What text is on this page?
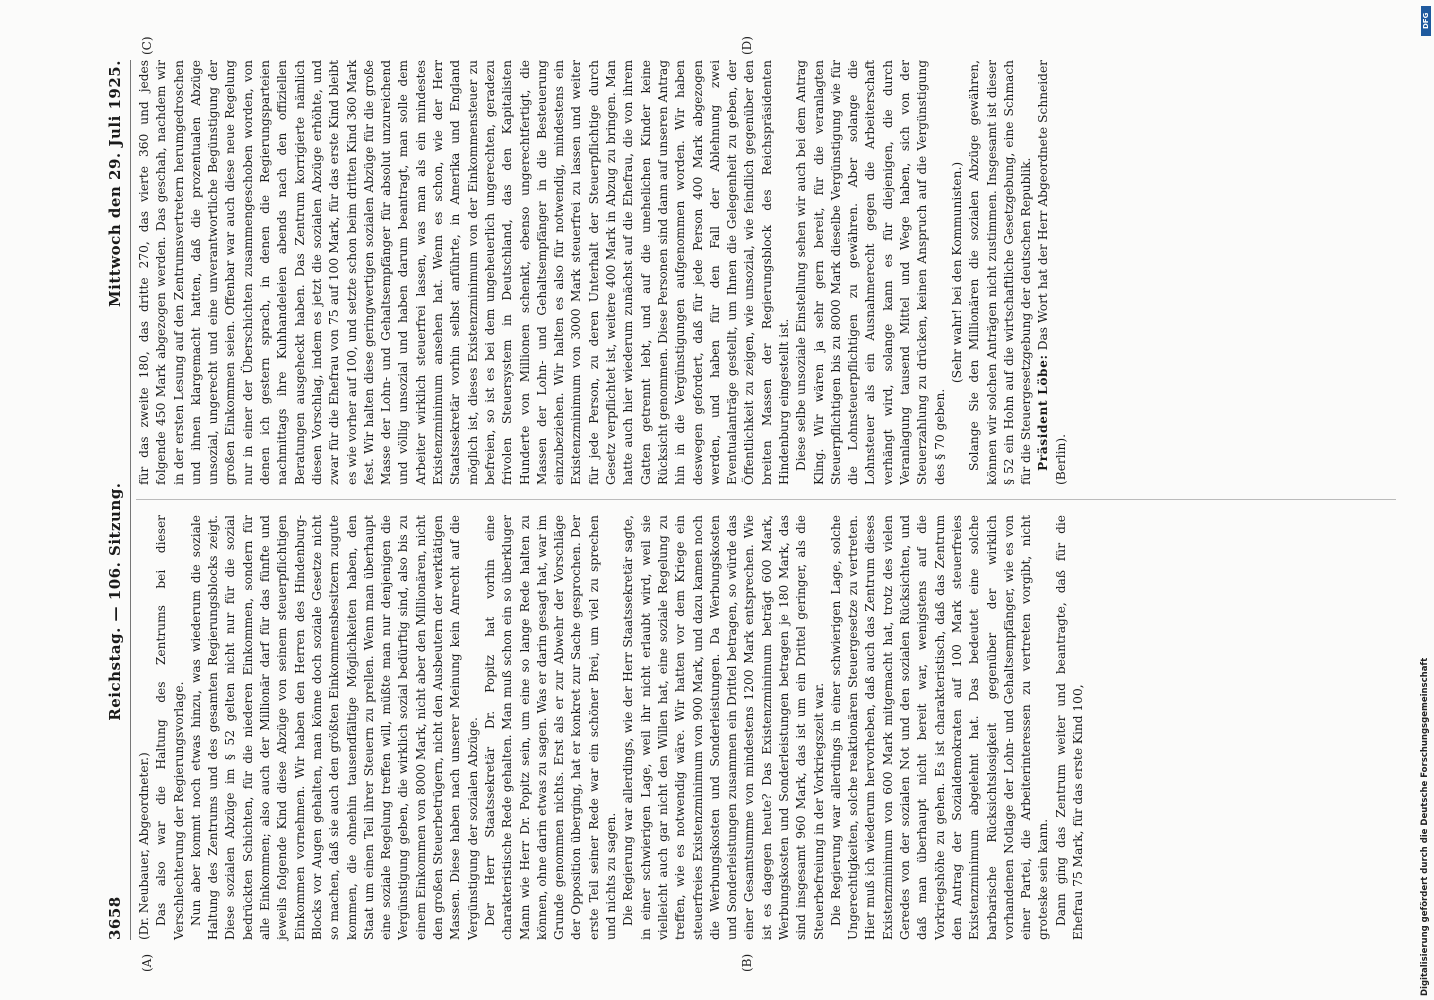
3658
Reichstag. — 106. Sitzung.
Mittwoch den 29. Juli 1925.

(Dr. Neubauer, Abgeordneter.) Das also war die Haltung des Zentrums bei dieser Verschlechterung der Regierungsvorlage. Nun aber kommt noch etwas hinzu, was wiederum die soziale Haltung des Zentrums und des gesamten Regierungsblocks zeigt. Diese sozialen Abzüge im § 52 gelten nicht nur für die sozial bedrückten Schichten, für die niederen Einkommen, sondern für alle Einkommen; also auch der Millionär darf für das fünfte und jeweils folgende Kind diese Abzüge von seinem steuerpflichtigen Einkommen vornehmen. Wir haben den Herren des Hindenburg-Blocks vor Augen gehalten, man könne doch soziale Gesetze nicht so machen, daß sie auch den größten Einkommensbesitzern zugute kommen, die ohnehin tausendfältige Möglichkeiten haben, den Staat um einen Teil ihrer Steuern zu prellen. Wenn man überhaupt eine soziale Regelung treffen will, müßte man nur denjenigen die Vergünstigung geben, die wirklich sozial bedürftig sind, also bis zu einem Einkommen von 8000 Mark, nicht aber den Millionären, nicht den großen Steuerbetrügern, nicht den Ausbeutern der werktätigen Massen. Diese haben nach unserer Meinung kein Anrecht auf die Vergünstigung der sozialen Abzüge. Der Herr Staatssekretär Dr. Popitz hat vorhin eine charakteristische Rede gehalten. Man muß schon ein so überkluger Mann wie Herr Dr. Popitz sein, um eine so lange Rede halten zu können, ohne darin etwas zu sagen. Was er darin gesagt hat, war im Grunde genommen nichts. Erst als er zur Abwehr der Vorschläge der Opposition überging, hat er konkret zur Sache gesprochen. Der erste Teil seiner Rede war ein schöner Brei, um viel zu sprechen und nichts zu sagen. Die Regierung war allerdings, wie der Herr Staatssekretär sagte, in einer schwierigen Lage, weil ihr nicht erlaubt wird, weil sie vielleicht auch gar nicht den Willen hat, eine soziale Regelung zu treffen, wie es notwendig wäre. Wir hatten vor dem Kriege ein steuerfreies Existenzminimum von 900 Mark, und dazu kamen noch die Werbungskosten und Sonderleistungen. Da Werbungskosten und Sonderleistungen zusammen ein Drittel betragen, so würde das einer Gesamtsumme von mindestens 1200 Mark entsprechen. Wie ist es dagegen heute? Das Existenzminimum beträgt 600 Mark, Werbungskosten und Sonderleistungen betragen je 180 Mark, das sind insgesamt 960 Mark, das ist um ein Drittel geringer, als die Steuerbefreiung in der Vorkriegszeit war. Die Regierung war allerdings in einer schwierigen Lage, solche Ungerechtigkeiten, solche reaktionären Steuergesetze zu vertreten. Hier muß ich wiederum hervorheben, daß auch das Zentrum dieses Existenzminimum von 600 Mark mitgemacht hat, trotz des vielen Geredes von der sozialen Not und den sozialen Rücksichten, und daß man überhaupt nicht bereit war, wenigstens auf die Vorkriegshöhe zu gehen. Es ist charakteristisch, daß das Zentrum den Antrag der Sozialdemokraten auf 100 Mark steuerfreies Existenzminimum abgelehnt hat. Das bedeutet eine solche barbarische Rücksichtslosigkeit gegenüber der wirklich vorhandenen Notlage der Lohn- und Gehaltsempfänger, wie es von einer Partei, die Arbeiterinteressen zu vertreten vorgibt, nicht groteske sein kann. Dann ging das Zentrum weiter und beantragte, daß für die Ehefrau 75 Mark, für das erste Kind 100,

für das zweite 180, das dritte 270, das vierte 360 und jedes folgende 450 Mark abgezogen werden. Das geschah, nachdem wir in der ersten Lesung auf den Zentrumsvertretern herumgedroschen und ihnen klargemacht hatten, daß die prozentualen Abzüge unsozial, ungerecht und eine unverantwortliche Begünstigung der großen Einkommen seien. Offenbar war auch diese neue Regelung nur in einer der Überschichten zusammengeschoben worden, von denen ich gestern sprach, in denen die Regierungsparteien nachmittags ihre Kuhhandeleien abends nach den offiziellen Beratungen ausgeheckt haben. Das Zentrum korrigierte nämlich diesen Vorschlag, indem es jetzt die sozialen Abzüge erhöhte, und zwar für die Ehefrau von 75 auf 100 Mark, für das erste Kind bleibt es wie vorher auf 100, und setzte schon beim dritten Kind 360 Mark fest. Wir halten diese geringwertigen sozialen Abzüge für die große Masse der Lohn- und Gehaltsempfänger für absolut unzureichend und völlig unsozial und haben darum beantragt, man solle dem Arbeiter wirklich steuerfrei lassen, was man als ein mindestes Existenzminimum ansehen hat. Wenn es schon, wie der Herr Staatssekretär vorhin selbst anführte, in Amerika und England möglich ist, dieses Existenzminimum von der Einkommensteuer zu befreien, so ist es bei dem ungeheuerlich ungerechten, geradezu frivolen Steuersystem in Deutschland, das den Kapitalisten Hunderte von Millionen schenkt, ebenso ungerechtfertigt, die Massen der Lohn- und Gehaltsempfänger in die Besteuerung einzubeziehen. Wir halten es also für notwendig, mindestens ein Existenzminimum von 3000 Mark steuerfrei zu lassen und weiter für jede Person, zu deren Unterhalt der Steuerpflichtige durch Gesetz verpflichtet ist, weitere 400 Mark in Abzug zu bringen. Man hatte auch hier wiederum zunächst auf die Ehefrau, die von ihrem Gatten getrennt lebt, und auf die unehelichen Kinder keine Rücksicht genommen. Diese Personen sind dann auf unseren Antrag hin in die Vergünstigungen aufgenommen worden. Wir haben deswegen gefordert, daß für jede Person 400 Mark abgezogen werden, und haben für den Fall der Ablehnung zwei Eventualanträge gestellt, um Ihnen die Gelegenheit zu geben, der Öffentlichkeit zu zeigen, wie unsozial, wie feindlich gegenüber den breiten Massen der Regierungsblock des Reichspräsidenten Hindenburg eingestellt ist. Diese selbe unsoziale Einstellung sehen wir auch bei dem Antrag Kling. Wir wären ja sehr gern bereit, für die veranlagten Steuerpflichtigen bis zu 8000 Mark dieselbe Vergünstigung wie für die Lohnsteuerpflichtigen zu gewähren. Aber solange die Lohnsteuer als ein Ausnahmerecht gegen die Arbeiterschaft verhängt wird, solange kann es für diejenigen, die durch Veranlagung tausend Mittel und Wege haben, sich von der Steuerzahlung zu drücken, keinen Anspruch auf die Vergünstigung des § 70 geben.

(Sehr wahr! bei den Kommunisten.) Solange Sie den Millionären die sozialen Abzüge gewähren, können wir solchen Anträgen nicht zustimmen. Insgesamt ist dieser § 52 ein Hohn auf die wirtschaftliche Gesetzgebung, eine Schmach für die Steuergesetzgebung der deutschen Republik. Präsident Löbe: Das Wort hat der Herr Abgeordnete Schneider (Berlin).

(A)	(B)
(C)	(D)
Digitalisierung gefördert durch die Deutsche Forschungsgemeinschaft
DFG
